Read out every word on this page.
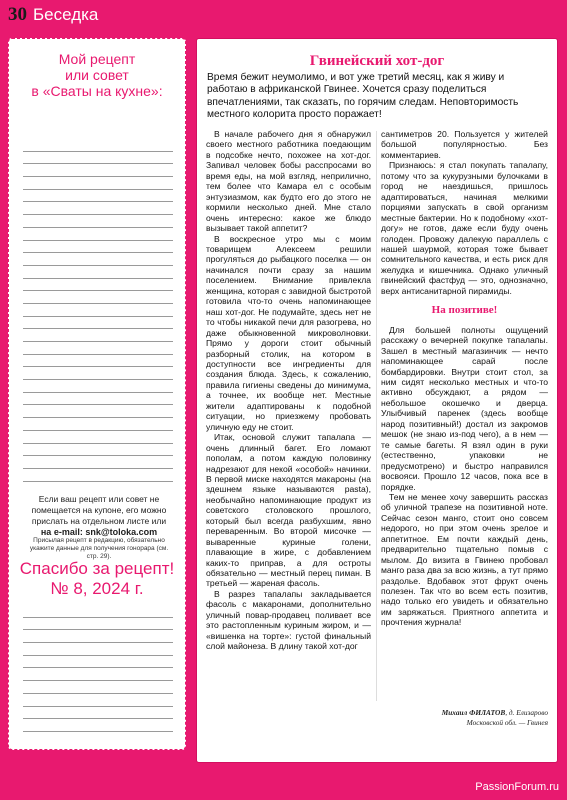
30 Беседка
Мой рецепт
или совет
в «Сваты на кухне»:
Если ваш рецепт или совет не
помещается на купоне, его можно
прислать на отдельном листе или
на e-mail: snk@toloka.com
Присылая рецепт в редакцию, обязательно
укажите данные для получения гонорара (см.
стр. 29).
Спасибо за рецепт!
№ 8, 2024 г.
Гвинейский хот-дог

Время бежит неумолимо, и вот уже третий месяц, как я живу и работаю в африканской Гвинее. Хочется сразу поделиться впечатлениями, так сказать, по горячим следам. Неповторимость местного колорита просто поражает!

В начале рабочего дня я обнаружил своего местного работника поедающим в подсобке нечто, похожее на хот-дог. Запивал человек бобы расспросами во время еды, на мой взгляд, неприлично, тем более что Камара ел с особым энтузиазмом, как будто его до этого не кормили несколько дней. Мне стало очень интересно: какое же блюдо вызывает такой аппетит?

В воскресное утро мы с моим товарищем Алексеем решили прогуляться до рыбацкого поселка — он начинался почти сразу за нашим поселением. Внимание привлекла женщина, которая с завидной быстротой готовила что-то очень напоминающее наш хот-дог. Не подумайте, здесь нет не то чтобы никакой печи для разогрева, но даже обыкновенной микроволновки. Прямо у дороги стоит обычный разборный столик, на котором в доступности все ингредиенты для создания блюда. Здесь, к сожалению, правила гигиены сведены до минимума, а точнее, их вообще нет. Местные жители адаптированы к подобной ситуации, но приезжему пробовать уличную еду не стоит.

Итак, основой служит тапалапа — очень длинный багет. Его ломают пополам, а потом каждую половинку надрезают для некой «особой» начинки. В первой миске находятся макароны (на здешнем языке называются pasta), необычайно напоминающие продукт из советского столовского прошлого, который был всегда разбухшим, явно переваренным. Во второй мисочке — вываренные куриные голени, плавающие в жире, с добавлением каких-то приправ, а для остроты обязательно — местный перец пиман. В третьей — жареная фасоль.

В разрез тапалапы закладывается фасоль с макаронами, дополнительно уличный повар-продавец поливает все это растопленным куриным жиром, и — «вишенка на торте»: густой финальный слой майонеза. В длину такой хот-дог

сантиметров 20. Пользуется у жителей большой популярностью. Без комментариев.

Признаюсь: я стал покупать тапалапу, потому что за кукурузными булочками в город не наездишься, пришлось адаптироваться, начиная мелкими порциями запускать в свой организм местные бактерии. Но к подобному «хот-догу» не готов, даже если буду очень голоден. Провожу далекую параллель с нашей шаурмой, которая тоже бывает сомнительного качества, и есть риск для желудка и кишечника. Однако уличный гвинейский фастфуд — это, однозначно, верх антисанитарной пирамиды.

На позитиве!

Для большей полноты ощущений расскажу о вечерней покупке тапалапы. Зашел в местный магазинчик — нечто напоминающее сарай после бомбардировки. Внутри стоит стол, за ним сидят несколько местных и что-то активно обсуждают, а рядом — небольшое окошечко и дверца. Улыбчивый паренек (здесь вообще народ позитивный!) достал из закромов мешок (не знаю из-под чего), а в нем — те самые багеты. Я взял один в руки (естественно, упаковки не предусмотрено) и быстро направился восвояси. Прошло 12 часов, пока все в порядке.

Тем не менее хочу завершить рассказ об уличной трапезе на позитивной ноте. Сейчас сезон манго, стоит оно совсем недорого, но при этом очень зрелое и аппетитное. Ем почти каждый день, предварительно тщательно помыв с мылом. До визита в Гвинею пробовал манго раза два за всю жизнь, а тут прямо раздолье. Вдобавок этот фрукт очень полезен. Так что во всем есть позитив, надо только его увидеть и обязательно им заряжаться. Приятного аппетита и прочтения журнала!

Михаил ФИЛАТОВ, д. Елизарово
Московской обл. — Гвинея
PassionForum.ru
